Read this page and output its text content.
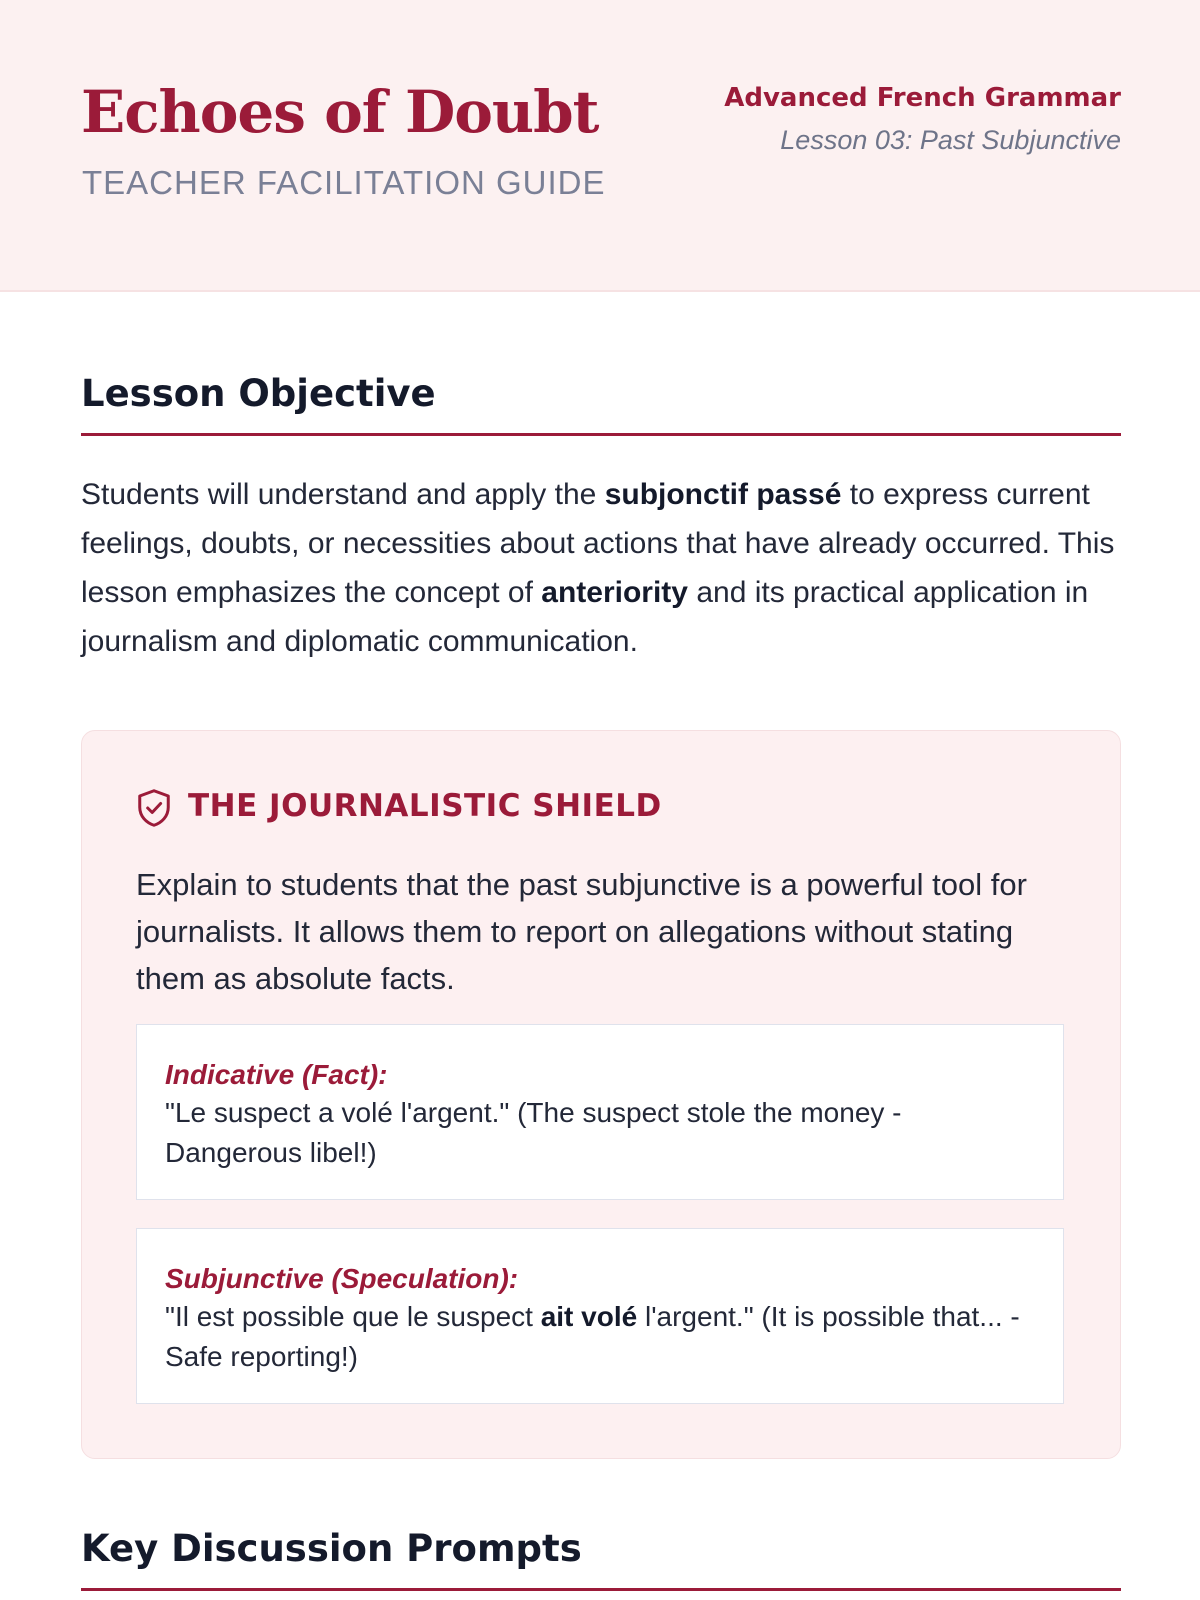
Echoes of Doubt
TEACHER FACILITATION GUIDE
Advanced French Grammar
Lesson 03: Past Subjunctive
Lesson Objective

Students will understand and apply the subjonctif passé to express current feelings, doubts, or necessities about actions that have already occurred. This lesson emphasizes the concept of anteriority and its practical application in journalism and diplomatic communication.

THE JOURNALISTIC SHIELD
Explain to students that the past subjunctive is a powerful tool for journalists. It allows them to report on allegations without stating them as absolute facts.
Indicative (Fact):
"Le suspect a volé l'argent." (The suspect stole the money - Dangerous libel!)
Subjunctive (Speculation):
"Il est possible que le suspect ait volé l'argent." (It is possible that... - Safe reporting!)
Key Discussion Prompts
